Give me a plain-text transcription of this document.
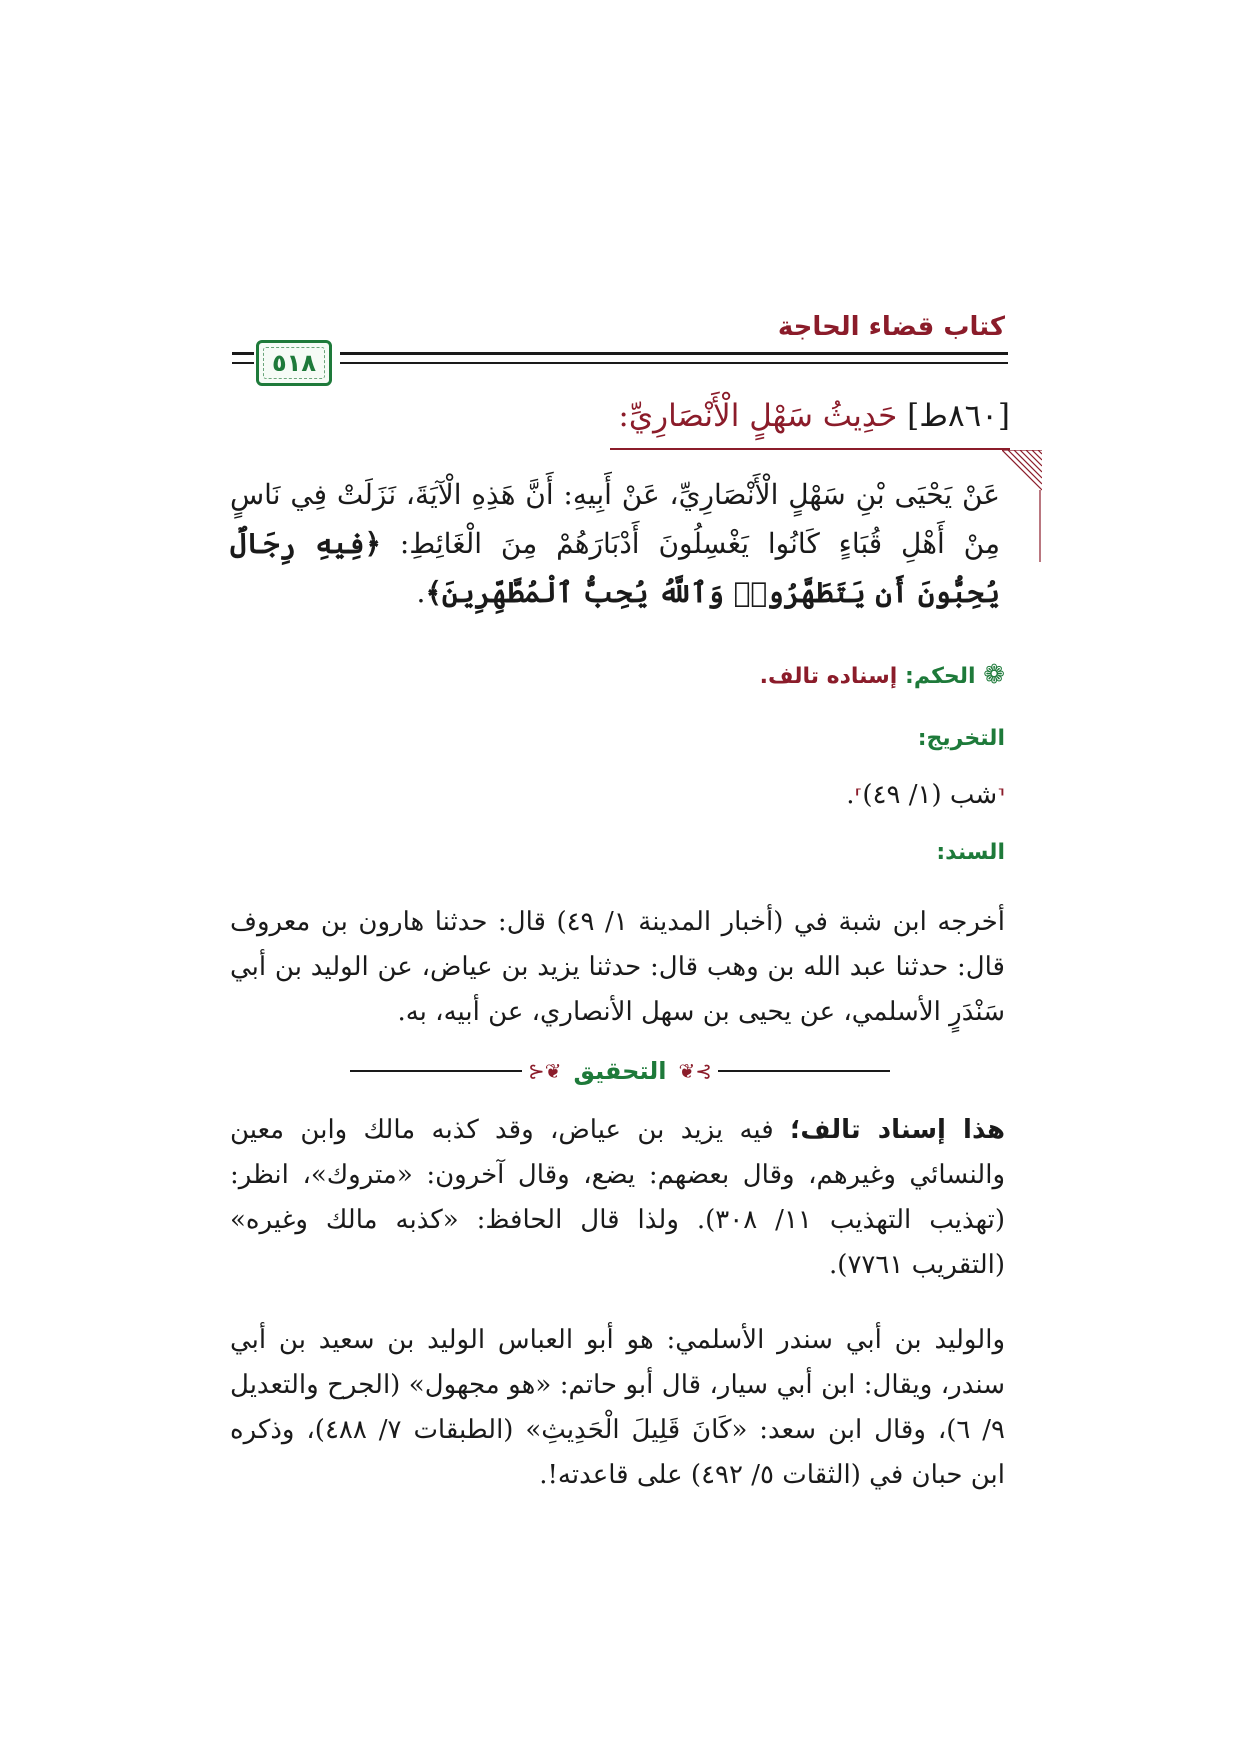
كتاب قضاء الحاجة
٥١٨
[٨٦٠ط] حَدِيثُ سَهْلٍ الْأَنْصَارِيِّ:
عَنْ يَحْيَى بْنِ سَهْلٍ الْأَنْصَارِيِّ، عَنْ أَبِيهِ: أَنَّ هَذِهِ الْآيَةَ، نَزَلَتْ فِي نَاسٍ مِنْ أَهْلِ قُبَاءٍ كَانُوا يَغْسِلُونَ أَدْبَارَهُمْ مِنَ الْغَائِطِ: ﴿فِيهِ رِجَالٌ يُحِبُّونَ أَن يَتَطَهَّرُوا۟ وَٱللَّهُ يُحِبُّ ٱلْمُطَّهِّرِينَ﴾.
❁ الحكم: إسناده تالف.
التخريج:
⸢شب (١/ ٤٩)⸣.
السند:
أخرجه ابن شبة في (أخبار المدينة ١/ ٤٩) قال: حدثنا هارون بن معروف قال: حدثنا عبد الله بن وهب قال: حدثنا يزيد بن عياض، عن الوليد بن أبي سَنْدَرٍ الأسلمي، عن يحيى بن سهل الأنصاري، عن أبيه، به.
⊱❦
التحقيق
❦⊰
هذا إسناد تالف؛ فيه يزيد بن عياض، وقد كذبه مالك وابن معين والنسائي وغيرهم، وقال بعضهم: يضع، وقال آخرون: «متروك»، انظر: (تهذيب التهذيب ١١/ ٣٠٨). ولذا قال الحافظ: «كذبه مالك وغيره» (التقريب ٧٧٦١).
والوليد بن أبي سندر الأسلمي: هو أبو العباس الوليد بن سعيد بن أبي سندر، ويقال: ابن أبي سيار، قال أبو حاتم: «هو مجهول» (الجرح والتعديل ٩/ ٦)، وقال ابن سعد: «كَانَ قَلِيلَ الْحَدِيثِ» (الطبقات ٧/ ٤٨٨)، وذكره ابن حبان في (الثقات ٥/ ٤٩٢) على قاعدته!.
